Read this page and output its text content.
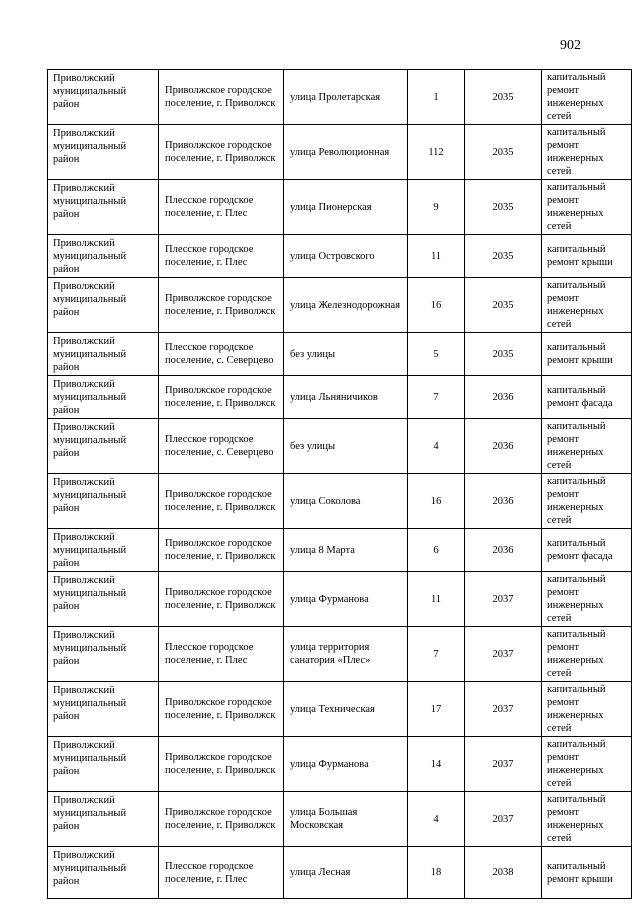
902
Приволжский муниципальный район	Приволжское городское поселение, г. Приволжск	улица Пролетарская	1	2035	капитальный ремонт инженерных сетей
Приволжский муниципальный район	Приволжское городское поселение, г. Приволжск	улица Революционная	112	2035	капитальный ремонт инженерных сетей
Приволжский муниципальный район	Плесское городское поселение, г. Плес	улица Пионерская	9	2035	капитальный ремонт инженерных сетей
Приволжский муниципальный район	Плесское городское поселение, г. Плес	улица Островского	11	2035	капитальный ремонт крыши
Приволжский муниципальный район	Приволжское городское поселение, г. Приволжск	улица Железнодорожная	16	2035	капитальный ремонт инженерных сетей
Приволжский муниципальный район	Плесское городское поселение, с. Северцево	без улицы	5	2035	капитальный ремонт крыши
Приволжский муниципальный район	Приволжское городское поселение, г. Приволжск	улица Льняничиков	7	2036	капитальный ремонт фасада
Приволжский муниципальный район	Плесское городское поселение, с. Северцево	без улицы	4	2036	капитальный ремонт инженерных сетей
Приволжский муниципальный район	Приволжское городское поселение, г. Приволжск	улица Соколова	16	2036	капитальный ремонт инженерных сетей
Приволжский муниципальный район	Приволжское городское поселение, г. Приволжск	улица 8 Марта	6	2036	капитальный ремонт фасада
Приволжский муниципальный район	Приволжское городское поселение, г. Приволжск	улица Фурманова	11	2037	капитальный ремонт инженерных сетей
Приволжский муниципальный район	Плесское городское поселение, г. Плес	улица территория санатория «Плес»	7	2037	капитальный ремонт инженерных сетей
Приволжский муниципальный район	Приволжское городское поселение, г. Приволжск	улица Техническая	17	2037	капитальный ремонт инженерных сетей
Приволжский муниципальный район	Приволжское городское поселение, г. Приволжск	улица Фурманова	14	2037	капитальный ремонт инженерных сетей
Приволжский муниципальный район	Приволжское городское поселение, г. Приволжск	улица Большая Московская	4	2037	капитальный ремонт инженерных сетей
Приволжский муниципальный район	Плесское городское поселение, г. Плес	улица Лесная	18	2038	капитальный ремонт крыши
